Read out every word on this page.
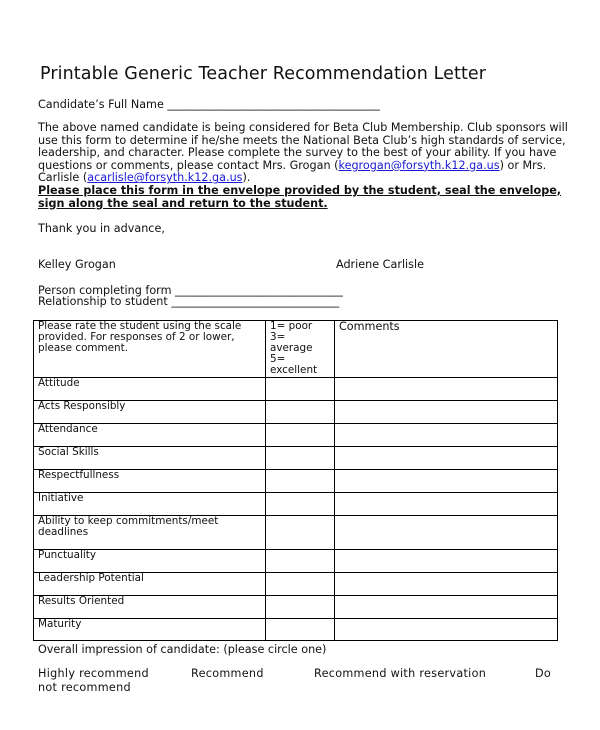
Printable Generic Teacher Recommendation Letter
Candidate’s Full Name ______________________________________

The above named candidate is being considered for Beta Club Membership. Club sponsors will use this form to determine if he/she meets the National Beta Club’s high standards of service, leadership, and character. Please complete the survey to the best of your ability. If you have questions or comments, please contact Mrs. Grogan (kegrogan@forsyth.k12.ga.us) or Mrs. Carlisle (acarlisle@forsyth.k12.ga.us).

Please place this form in the envelope provided by the student, seal the envelope, sign along the seal and return to the student.

Thank you in advance,
Kelley Grogan	Adriene Carlisle
Person completing form ______________________________
Relationship to student ______________________________
Please rate the student using the scale provided. For responses of 2 or lower, please comment.	1= poor
3=
average
5=
excellent	Comments
Attitude		
Acts Responsibly		
Attendance		
Social Skills		
Respectfullness		
Initiative		
Ability to keep commitments/meet deadlines		
Punctuality		
Leadership Potential		
Results Oriented		
Maturity		
Overall impression of candidate: (please circle one)
Highly recommend	Recommend	Recommend with reservation	Do
not recommend
